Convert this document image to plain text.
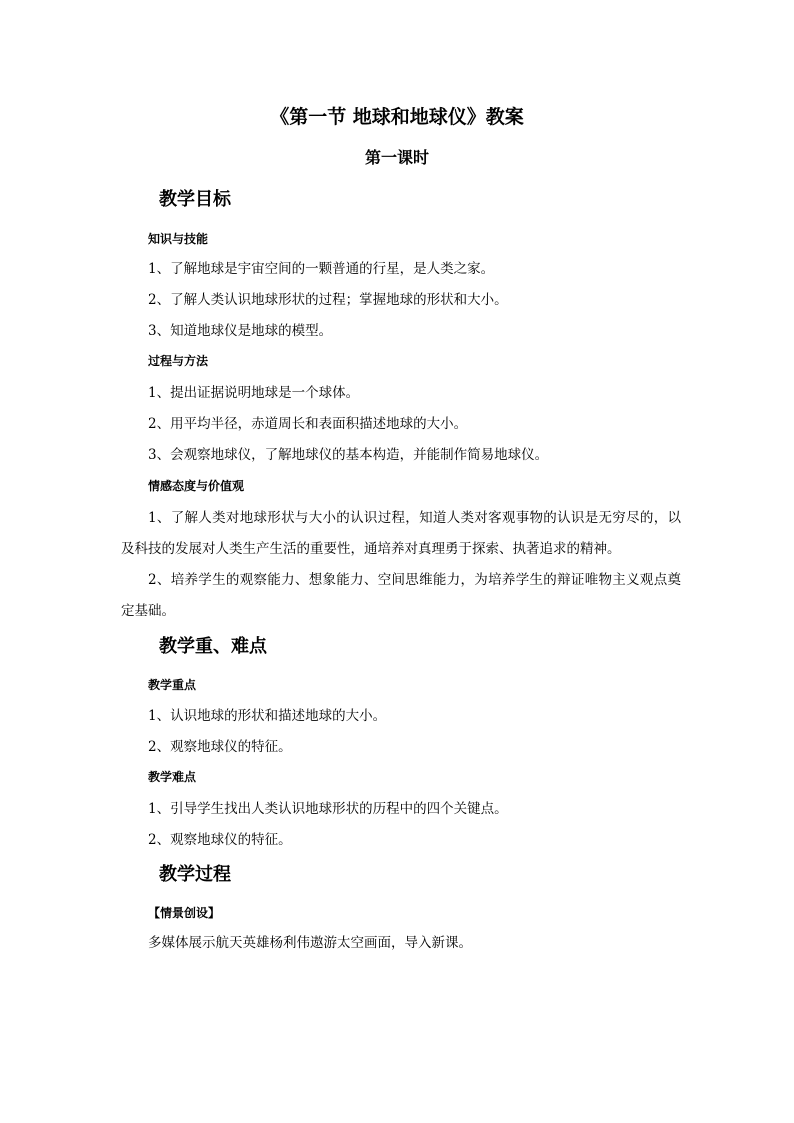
《第一节 地球和地球仪》教案
第一课时
教学目标
知识与技能
1、了解地球是宇宙空间的一颗普通的行星，是人类之家。
2、了解人类认识地球形状的过程；掌握地球的形状和大小。
3、知道地球仪是地球的模型。
过程与方法
1、提出证据说明地球是一个球体。
2、用平均半径，赤道周长和表面积描述地球的大小。
3、会观察地球仪，了解地球仪的基本构造，并能制作简易地球仪。
情感态度与价值观
1、了解人类对地球形状与大小的认识过程，知道人类对客观事物的认识是无穷尽的，以及科技的发展对人类生产生活的重要性，通培养对真理勇于探索、执著追求的精神。
2、培养学生的观察能力、想象能力、空间思维能力，为培养学生的辩证唯物主义观点奠定基础。
教学重、难点
教学重点
1、认识地球的形状和描述地球的大小。
2、观察地球仪的特征。
教学难点
1、引导学生找出人类认识地球形状的历程中的四个关键点。
2、观察地球仪的特征。
教学过程
【情景创设】
多媒体展示航天英雄杨利伟遨游太空画面，导入新课。
